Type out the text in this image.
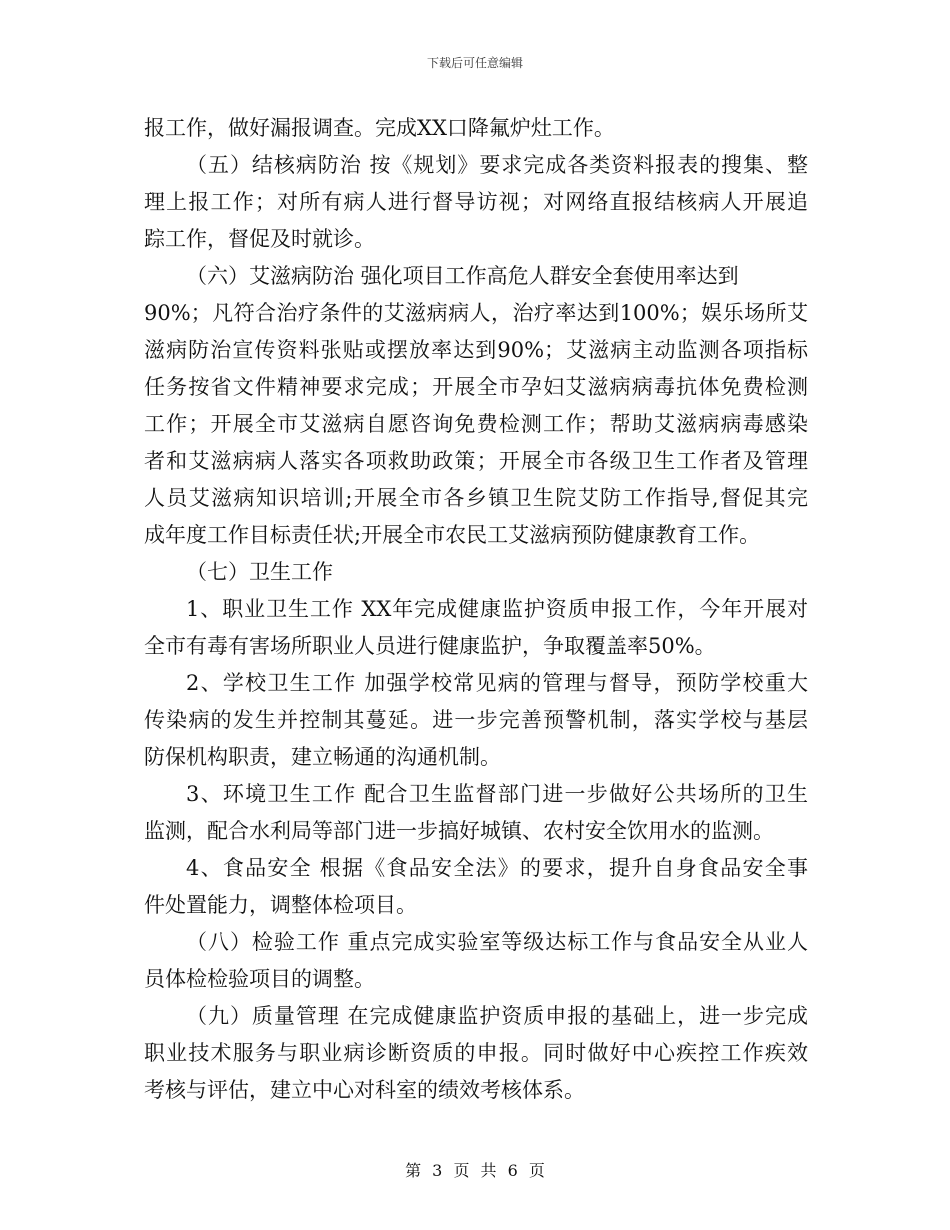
下载后可任意编辑
报工作，做好漏报调查。完成XX口降氟炉灶工作。
（五）结核病防治 按《规划》要求完成各类资料报表的搜集、整
理上报工作；对所有病人进行督导访视；对网络直报结核病人开展追
踪工作，督促及时就诊。
（六）艾滋病防治 强化项目工作高危人群安全套使用率达到
90%；凡符合治疗条件的艾滋病病人，治疗率达到100%；娱乐场所艾
滋病防治宣传资料张贴或摆放率达到90%；艾滋病主动监测各项指标
任务按省文件精神要求完成；开展全市孕妇艾滋病病毒抗体免费检测
工作；开展全市艾滋病自愿咨询免费检测工作；帮助艾滋病病毒感染
者和艾滋病病人落实各项救助政策；开展全市各级卫生工作者及管理
人员艾滋病知识培训;开展全市各乡镇卫生院艾防工作指导,督促其完
成年度工作目标责任状;开展全市农民工艾滋病预防健康教育工作。
（七）卫生工作
1、职业卫生工作 XX年完成健康监护资质申报工作，今年开展对
全市有毒有害场所职业人员进行健康监护，争取覆盖率50%。
2、学校卫生工作 加强学校常见病的管理与督导，预防学校重大
传染病的发生并控制其蔓延。进一步完善预警机制，落实学校与基层
防保机构职责，建立畅通的沟通机制。
3、环境卫生工作 配合卫生监督部门进一步做好公共场所的卫生
监测，配合水利局等部门进一步搞好城镇、农村安全饮用水的监测。
4、食品安全 根据《食品安全法》的要求，提升自身食品安全事
件处置能力，调整体检项目。
（八）检验工作 重点完成实验室等级达标工作与食品安全从业人
员体检检验项目的调整。
（九）质量管理 在完成健康监护资质申报的基础上，进一步完成
职业技术服务与职业病诊断资质的申报。同时做好中心疾控工作疾效
考核与评估，建立中心对科室的绩效考核体系。
第 3 页 共 6 页
